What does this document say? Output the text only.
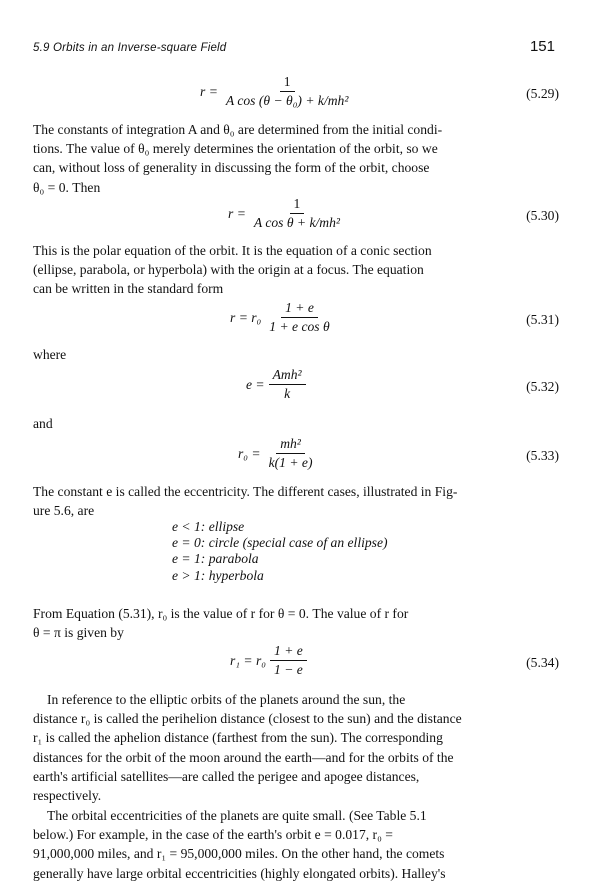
5.9 Orbits in an Inverse-square Field	151
$r = \frac{1}{\text{A cos (θ − θ₀) + k/mh²}}$	(5.29)
The constants of integration A and θ₀ are determined from the initial condi-
tions. The value of θ₀ merely determines the orientation of the orbit, so we
can, without loss of generality in discussing the form of the orbit, choose
θ₀ = 0. Then
$r = \frac{1}{\text{A cos θ + k/mh²}}$	(5.30)
This is the polar equation of the orbit. It is the equation of a conic section
(ellipse, parabola, or hyperbola) with the origin at a focus. The equation
can be written in the standard form
$r = r_0 \frac{1 + e}{\text{1 + e cos θ}}$	(5.31)
where
$e = \frac{\text{Amh²}}{k}$	(5.32)
and
$r_0 = \frac{\text{mh²}}{k(1 + e)}$	(5.33)
The constant e is called the eccentricity. The different cases, illustrated in Fig-
ure 5.6, are
e < 1: ellipse
e = 0: circle (special case of an ellipse)
e = 1: parabola
e > 1: hyperbola
From Equation (5.31), r₀ is the value of r for θ = 0. The value of r for
θ = π is given by
$r_1 = r_0 \frac{1 + e}{1 - e}$	(5.34)
In reference to the elliptic orbits of the planets around the sun, the
distance r₀ is called the perihelion distance (closest to the sun) and the distance
r₁ is called the aphelion distance (farthest from the sun). The corresponding
distances for the orbit of the moon around the earth—and for the orbits of the
earth's artificial satellites—are called the perigee and apogee distances,
respectively.
The orbital eccentricities of the planets are quite small. (See Table 5.1
below.) For example, in the case of the earth's orbit e = 0.017, r₀ =
91,000,000 miles, and r₁ = 95,000,000 miles. On the other hand, the comets
generally have large orbital eccentricities (highly elongated orbits). Halley's
